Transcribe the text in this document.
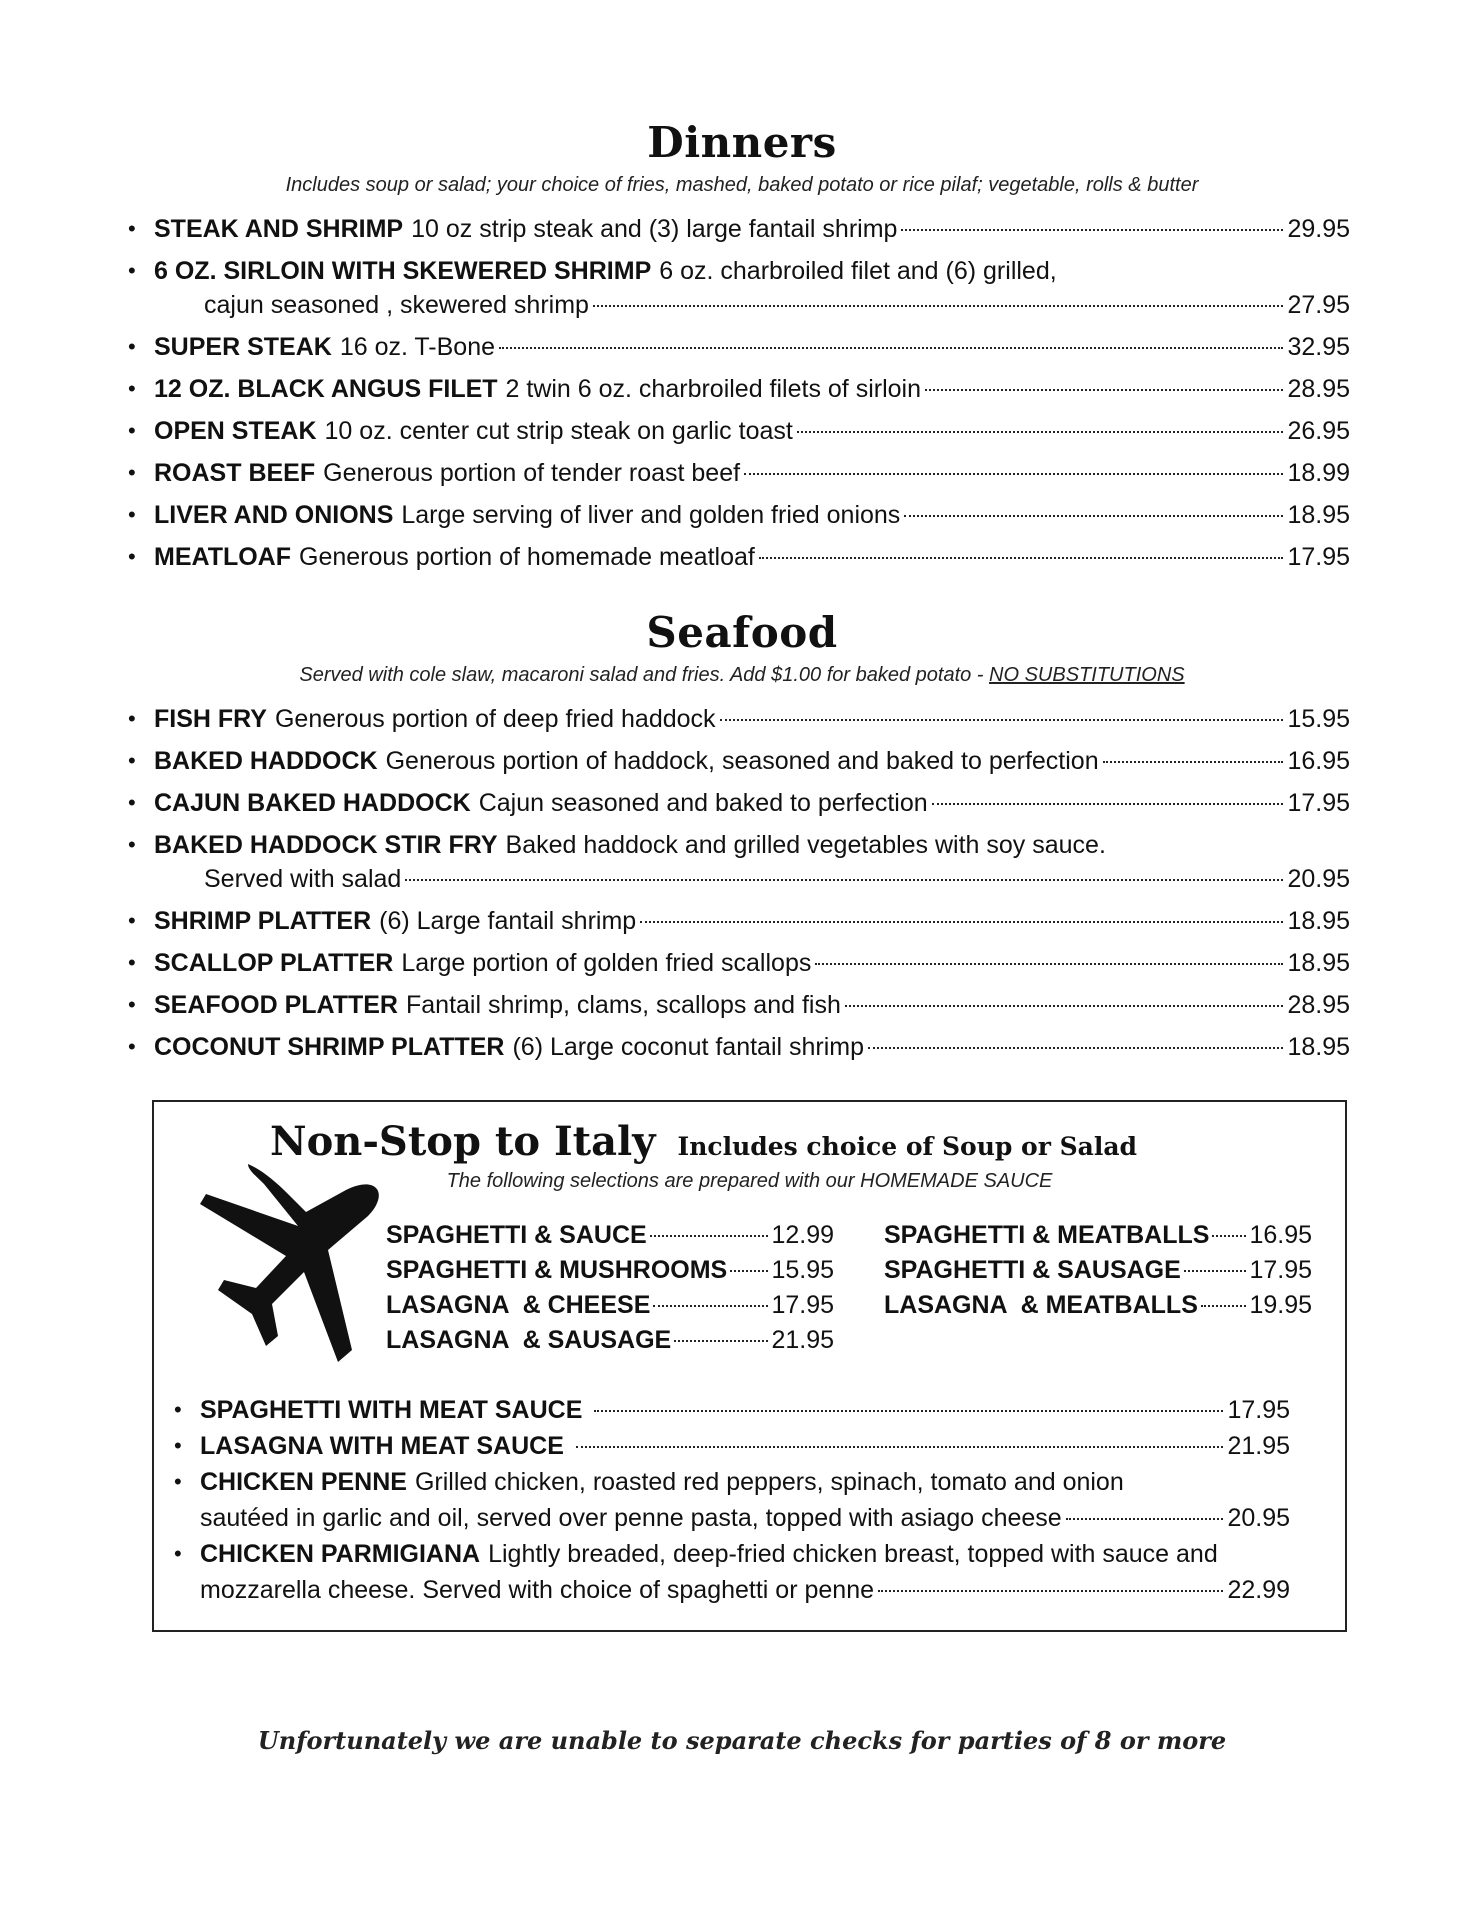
Dinners
Includes soup or salad; your choice of fries, mashed, baked potato or rice pilaf; vegetable, rolls & butter
• STEAK AND SHRIMP 10 oz strip steak and (3) large fantail shrimp	29.95
• 6 OZ. SIRLOIN WITH SKEWERED SHRIMP 6 oz. charbroiled filet and (6) grilled,
cajun seasoned , skewered shrimp	27.95
• SUPER STEAK 16 oz. T-Bone	32.95
• 12 OZ. BLACK ANGUS FILET 2 twin 6 oz. charbroiled filets of sirloin	28.95
• OPEN STEAK 10 oz. center cut strip steak on garlic toast	26.95
• ROAST BEEF Generous portion of tender roast beef	18.99
• LIVER AND ONIONS Large serving of liver and golden fried onions	18.95
• MEATLOAF Generous portion of homemade meatloaf	17.95
Seafood
Served with cole slaw, macaroni salad and fries. Add $1.00 for baked potato - NO SUBSTITUTIONS
• FISH FRY Generous portion of deep fried haddock	15.95
• BAKED HADDOCK Generous portion of haddock, seasoned and baked to perfection	16.95
• CAJUN BAKED HADDOCK Cajun seasoned and baked to perfection	17.95
• BAKED HADDOCK STIR FRY Baked haddock and grilled vegetables with soy sauce.
Served with salad	20.95
• SHRIMP PLATTER (6) Large fantail shrimp	18.95
• SCALLOP PLATTER Large portion of golden fried scallops	18.95
• SEAFOOD PLATTER Fantail shrimp, clams, scallops and fish	28.95
• COCONUT SHRIMP PLATTER (6) Large coconut fantail shrimp	18.95
Non-Stop to Italy Includes choice of Soup or Salad
The following selections are prepared with our HOMEMADE SAUCE
SPAGHETTI & SAUCE	12.99
SPAGHETTI & MUSHROOMS 15.95
LASAGNA  & CHEESE	17.95
LASAGNA  & SAUSAGE	21.95
SPAGHETTI & MEATBALLS 16.95
SPAGHETTI & SAUSAGE	17.95
LASAGNA  & MEATBALLS 19.95
• SPAGHETTI WITH MEAT SAUCE	17.95
• LASAGNA WITH MEAT SAUCE	21.95
• CHICKEN PENNE Grilled chicken, roasted red peppers, spinach, tomato and onion
sautéed in garlic and oil, served over penne pasta, topped with asiago cheese	20.95
• CHICKEN PARMIGIANA Lightly breaded, deep-fried chicken breast, topped with sauce and
mozzarella cheese. Served with choice of spaghetti or penne	22.99
Unfortunately we are unable to separate checks for parties of 8 or more
